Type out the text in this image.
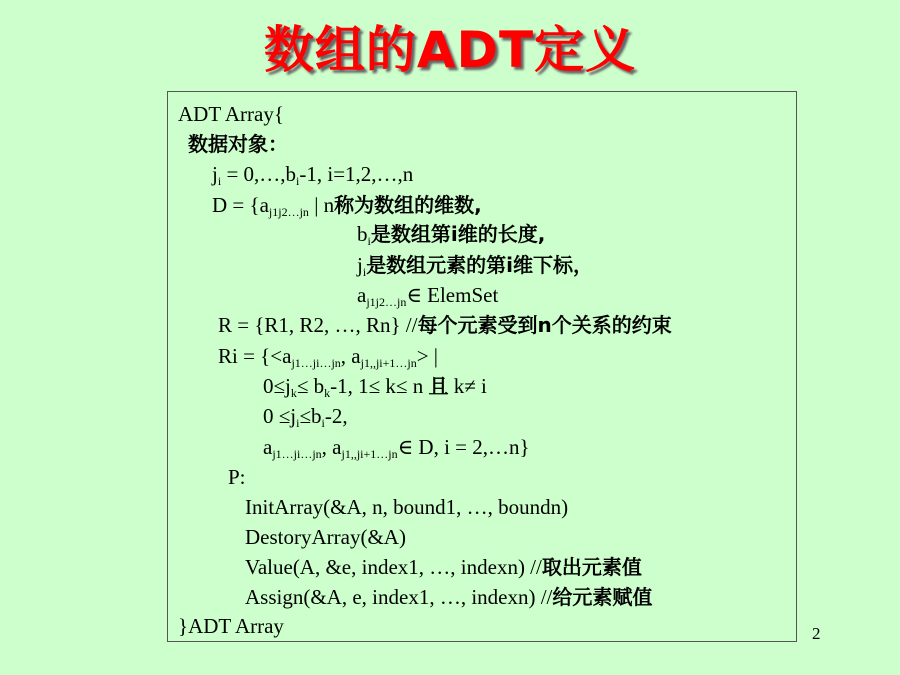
数组的ADT定义
ADT Array{
数据对象：
$j_i$ = $0,\dots,b_i-1$, i=1,2,…,n
$D = \{a_{j1j2\dots jn}$ | n称为数组的维数,
$b_i$是数组第i维的长度,
$j_i$是数组元素的第i维下标，
$a_{j1j2\dots jn}\in$ ElemSet
R = {R1, R2, …, Rn} //每个元素受到n个关系的约束
$Ri = \{<a_{j1\dots ji\dots jn}$, $a_{j1,,ji+1\dots jn}>$ |
$0\le j_k\le b_k-1$, 1≤ k≤ n 且 k≠ i
$0 \le j_i\le b_i-2$,
$a_{j1\dots ji\dots jn}$, $a_{j1,,ji+1\dots jn}\in$ D, i = 2,…n}
P:
InitArray(&A, n, bound1, …, boundn)
DestoryArray(&A)
Value(A, &e, index1, …, indexn) //取出元素值
Assign(&A, e, index1, …, indexn) //给元素赋值
}ADT Array	2
